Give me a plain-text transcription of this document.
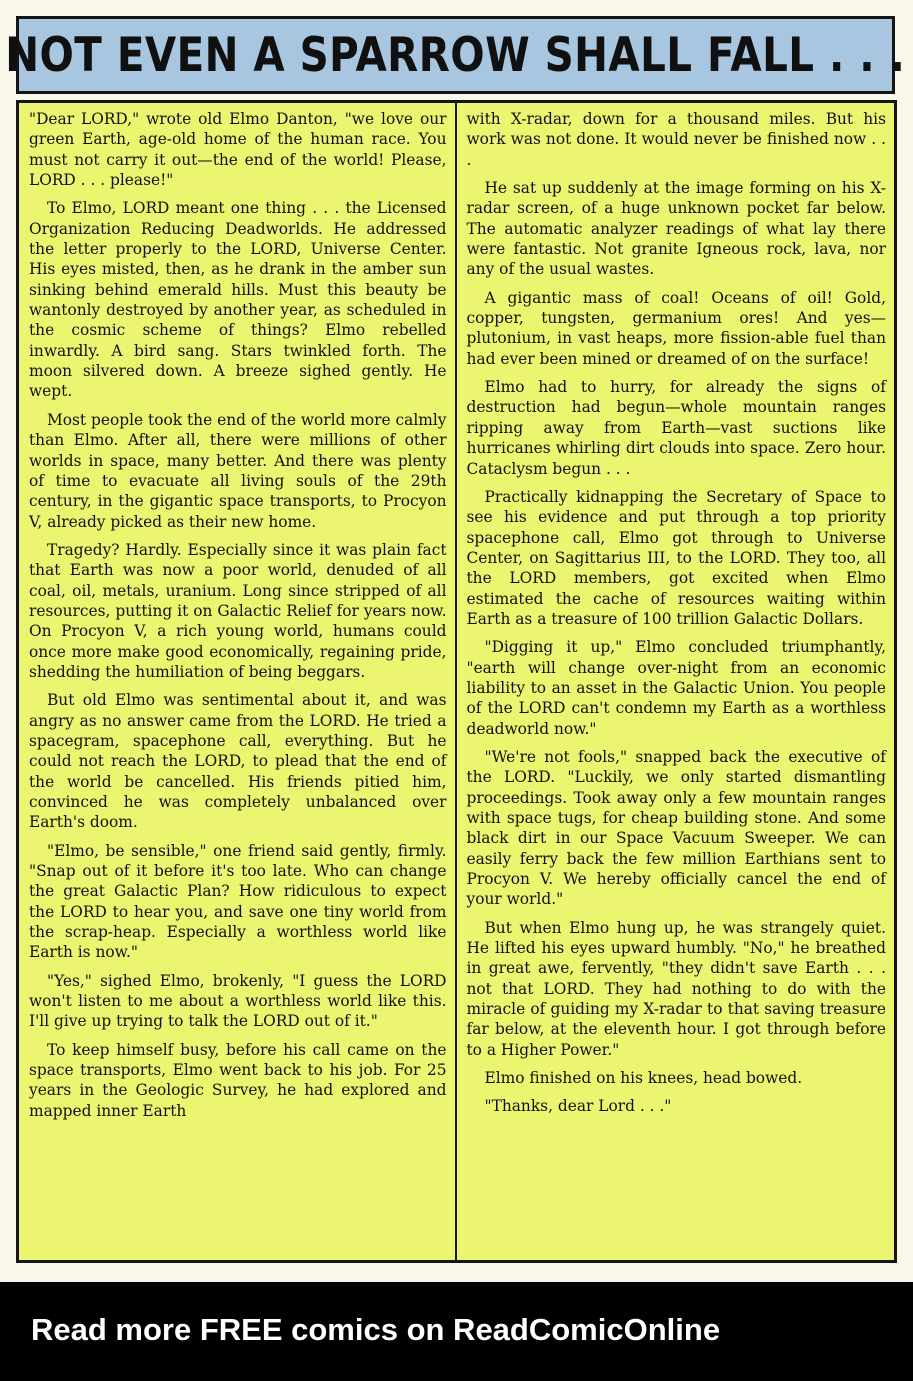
NOT EVEN A SPARROW SHALL FALL . . .

"Dear LORD," wrote old Elmo Danton, "we love our green Earth, age-old home of the human race. You must not carry it out—the end of the world! Please, LORD . . . please!"

To Elmo, LORD meant one thing . . . the Licensed Organization Reducing Deadworlds. He addressed the letter properly to the LORD, Universe Center. His eyes misted, then, as he drank in the amber sun sinking behind emerald hills. Must this beauty be wantonly destroyed by another year, as scheduled in the cosmic scheme of things? Elmo rebelled inwardly. A bird sang. Stars twinkled forth. The moon silvered down. A breeze sighed gently. He wept.

Most people took the end of the world more calmly than Elmo. After all, there were millions of other worlds in space, many better. And there was plenty of time to evacuate all living souls of the 29th century, in the gigantic space transports, to Procyon V, already picked as their new home.

Tragedy? Hardly. Especially since it was plain fact that Earth was now a poor world, denuded of all coal, oil, metals, uranium. Long since stripped of all resources, putting it on Galactic Relief for years now. On Procyon V, a rich young world, humans could once more make good economically, regaining pride, shedding the humiliation of being beggars.

But old Elmo was sentimental about it, and was angry as no answer came from the LORD. He tried a spacegram, spacephone call, everything. But he could not reach the LORD, to plead that the end of the world be cancelled. His friends pitied him, convinced he was completely unbalanced over Earth's doom.

"Elmo, be sensible," one friend said gently, firmly. "Snap out of it before it's too late. Who can change the great Galactic Plan? How ridiculous to expect the LORD to hear you, and save one tiny world from the scrap-heap. Especially a worthless world like Earth is now."

"Yes," sighed Elmo, brokenly, "I guess the LORD won't listen to me about a worthless world like this. I'll give up trying to talk the LORD out of it."

To keep himself busy, before his call came on the space transports, Elmo went back to his job. For 25 years in the Geologic Survey, he had explored and mapped inner Earth

with X-radar, down for a thousand miles. But his work was not done. It would never be finished now . . .

He sat up suddenly at the image forming on his X-radar screen, of a huge unknown pocket far below. The automatic analyzer readings of what lay there were fantastic. Not granite Igneous rock, lava, nor any of the usual wastes.

A gigantic mass of coal! Oceans of oil! Gold, copper, tungsten, germanium ores! And yes—plutonium, in vast heaps, more fission-able fuel than had ever been mined or dreamed of on the surface!

Elmo had to hurry, for already the signs of destruction had begun—whole mountain ranges ripping away from Earth—vast suctions like hurricanes whirling dirt clouds into space. Zero hour. Cataclysm begun . . .

Practically kidnapping the Secretary of Space to see his evidence and put through a top priority spacephone call, Elmo got through to Universe Center, on Sagittarius III, to the LORD. They too, all the LORD members, got excited when Elmo estimated the cache of resources waiting within Earth as a treasure of 100 trillion Galactic Dollars.

"Digging it up," Elmo concluded triumphantly, "earth will change over-night from an economic liability to an asset in the Galactic Union. You people of the LORD can't condemn my Earth as a worthless deadworld now."

"We're not fools," snapped back the executive of the LORD. "Luckily, we only started dismantling proceedings. Took away only a few mountain ranges with space tugs, for cheap building stone. And some black dirt in our Space Vacuum Sweeper. We can easily ferry back the few million Earthians sent to Procyon V. We hereby officially cancel the end of your world."

But when Elmo hung up, he was strangely quiet. He lifted his eyes upward humbly. "No," he breathed in great awe, fervently, "they didn't save Earth . . . not that LORD. They had nothing to do with the miracle of guiding my X-radar to that saving treasure far below, at the eleventh hour. I got through before to a Higher Power."

Elmo finished on his knees, head bowed.

"Thanks, dear Lord . . ."

Read more FREE comics on ReadComicOnline
